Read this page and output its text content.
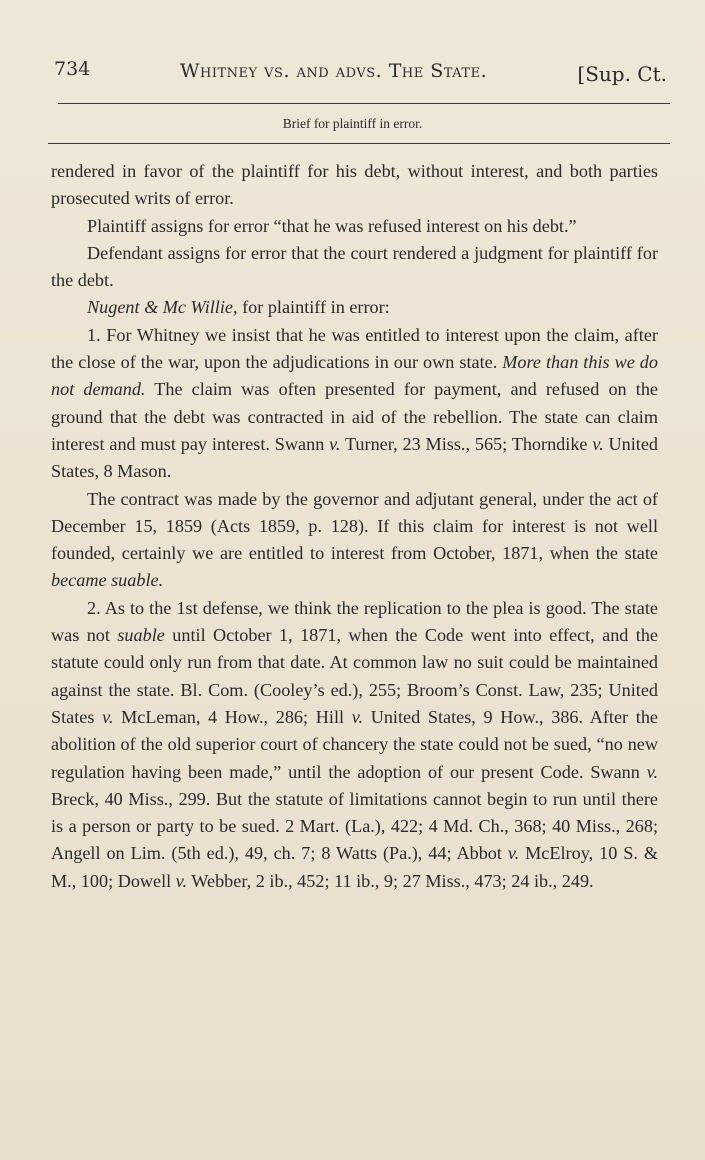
734	Whitney vs. and advs. The State.	[Sup. Ct.
Brief for plaintiff in error.

rendered in favor of the plaintiff for his debt, without interest, and both parties prosecuted writs of error.

Plaintiff assigns for error “that he was refused interest on his debt.”

Defendant assigns for error that the court rendered a judgment for plaintiff for the debt.

Nugent & Mc Willie, for plaintiff in error:

1. For Whitney we insist that he was entitled to interest upon the claim, after the close of the war, upon the adjudications in our own state. More than this we do not demand. The claim was often presented for payment, and refused on the ground that the debt was contracted in aid of the rebellion. The state can claim interest and must pay interest. Swann v. Turner, 23 Miss., 565; Thorndike v. United States, 8 Mason.

The contract was made by the governor and adjutant general, under the act of December 15, 1859 (Acts 1859, p. 128). If this claim for interest is not well founded, certainly we are entitled to interest from October, 1871, when the state became suable.

2. As to the 1st defense, we think the replication to the plea is good. The state was not suable until October 1, 1871, when the Code went into effect, and the statute could only run from that date. At common law no suit could be maintained against the state. Bl. Com. (Cooley’s ed.), 255; Broom’s Const. Law, 235; United States v. McLeman, 4 How., 286; Hill v. United States, 9 How., 386. After the abolition of the old superior court of chancery the state could not be sued, “no new regulation having been made,” until the adoption of our present Code. Swann v. Breck, 40 Miss., 299. But the statute of limitations cannot begin to run until there is a person or party to be sued. 2 Mart. (La.), 422; 4 Md. Ch., 368; 40 Miss., 268; Angell on Lim. (5th ed.), 49, ch. 7; 8 Watts (Pa.), 44; Abbot v. McElroy, 10 S. & M., 100; Dowell v. Webber, 2 ib., 452; 11 ib., 9; 27 Miss., 473; 24 ib., 249.
